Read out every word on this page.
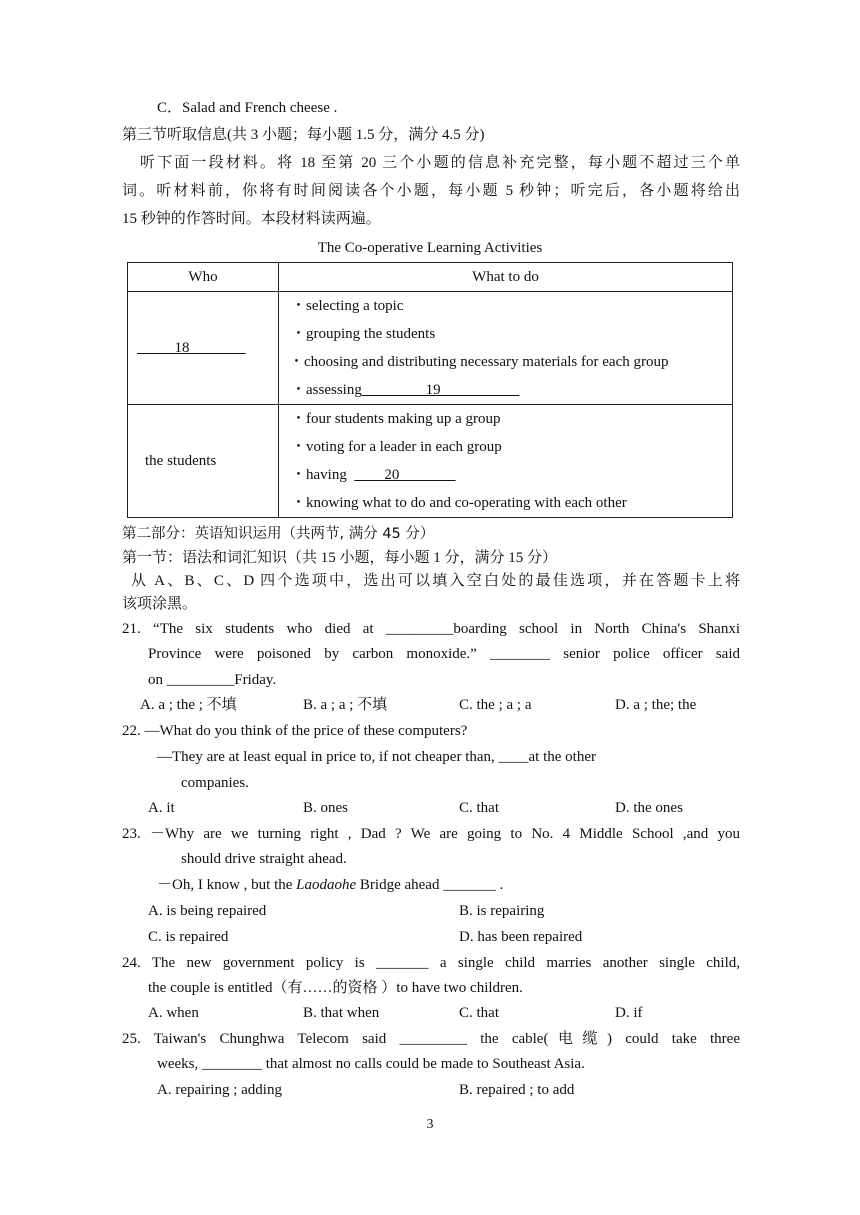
C．Salad and French cheese .
第三节听取信息(共 3 小题；每小题 1.5 分，满分 4.5 分)
听下面一段材料。将 18 至第 20 三个小题的信息补充完整，每小题不超过三个单
词。听材料前，你将有时间阅读各个小题，每小题 5 秒钟；听完后，各小题将给出
15 秒钟的作答时间。本段材料读两遍。
The Co-operative Learning Activities
Who	What to do
18	・selecting a topic
・grouping the students
・choosing and distributing necessary materials for each group
・assessing 19

the students	・four students making up a group
・voting for a leader in each group
・having 20
・knowing what to do and co-operating with each other
第二部分：英语知识运用（共两节, 满分 45 分）
第一节：语法和词汇知识（共 15 小题，每小题 1 分，满分 15 分）
从 A、B、C、D 四个选项中，选出可以填入空白处的最佳选项，并在答题卡上将
该项涂黑。
21. “The six students who died at _________boarding school in North China's Shanxi
Province were poisoned by carbon monoxide.” ________ senior police officer said
on _________Friday.
A. a ; the ; 不填	B. a ; a ; 不填	C. the ; a ; a	D. a ; the; the
22. —What do you think of the price of these computers?
—They are at least equal in price to, if not cheaper than, ____at the other
companies.
A. it	B. ones	C. that	D. the ones
23. －Why are we turning right , Dad ? We are going to No. 4 Middle School ,and you
should drive straight ahead.
－Oh, I know , but the Laodaohe Bridge ahead _______ .
A. is being repaired	B. is repairing
C. is repaired	D. has been repaired
24. The new government policy is _______ a single child marries another single child,
the couple is entitled（有……的资格 ）to have two children.
A. when	B. that when	C. that	D. if
25. Taiwan's Chunghwa Telecom said _________ the cable(电缆) could take three
weeks, ________ that almost no calls could be made to Southeast Asia.
A. repairing ; adding	B. repaired ; to add
3
